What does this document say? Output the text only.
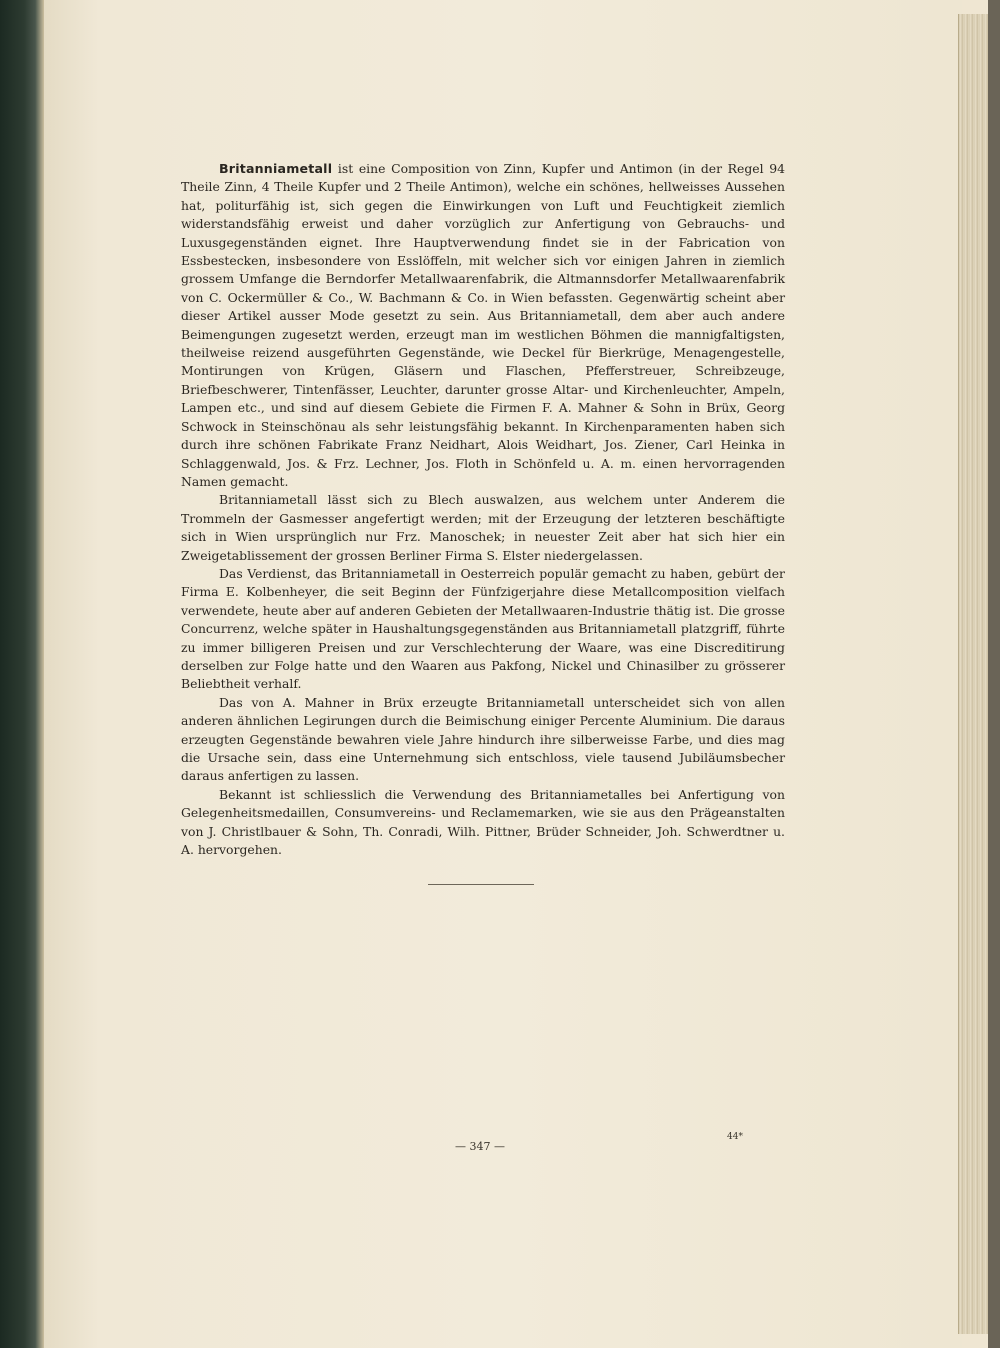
Britanniametall ist eine Composition von Zinn, Kupfer und Antimon (in der Regel 94 Theile Zinn, 4 Theile Kupfer und 2 Theile Antimon), welche ein schönes, hellweisses Aussehen hat, politurfähig ist, sich gegen die Einwirkungen von Luft und Feuchtigkeit ziemlich widerstandsfähig erweist und daher vorzüglich zur Anfertigung von Gebrauchs- und Luxusgegenständen eignet. Ihre Hauptverwendung findet sie in der Fabrication von Essbestecken, insbesondere von Esslöffeln, mit welcher sich vor einigen Jahren in ziemlich grossem Umfange die Berndorfer Metallwaarenfabrik, die Altmannsdorfer Metallwaarenfabrik von C. Ockermüller & Co., W. Bachmann & Co. in Wien befassten. Gegenwärtig scheint aber dieser Artikel ausser Mode gesetzt zu sein. Aus Britanniametall, dem aber auch andere Beimengungen zugesetzt werden, erzeugt man im westlichen Böhmen die mannigfaltigsten, theilweise reizend ausgeführten Gegenstände, wie Deckel für Bierkrüge, Menagengestelle, Montirungen von Krügen, Gläsern und Flaschen, Pfefferstreuer, Schreibzeuge, Briefbeschwerer, Tintenfässer, Leuchter, darunter grosse Altar- und Kirchenleuchter, Ampeln, Lampen etc., und sind auf diesem Gebiete die Firmen F. A. Mahner & Sohn in Brüx, Georg Schwock in Steinschönau als sehr leistungsfähig bekannt. In Kirchenparamenten haben sich durch ihre schönen Fabrikate Franz Neidhart, Alois Weidhart, Jos. Ziener, Carl Heinka in Schlaggenwald, Jos. & Frz. Lechner, Jos. Floth in Schönfeld u. A. m. einen hervorragenden Namen gemacht.

Britanniametall lässt sich zu Blech auswalzen, aus welchem unter Anderem die Trommeln der Gasmesser angefertigt werden; mit der Erzeugung der letzteren beschäftigte sich in Wien ursprünglich nur Frz. Manoschek; in neuester Zeit aber hat sich hier ein Zweigetablissement der grossen Berliner Firma S. Elster niedergelassen.

Das Verdienst, das Britanniametall in Oesterreich populär gemacht zu haben, gebürt der Firma E. Kolbenheyer, die seit Beginn der Fünfzigerjahre diese Metallcomposition vielfach verwendete, heute aber auf anderen Gebieten der Metallwaaren-Industrie thätig ist. Die grosse Concurrenz, welche später in Haushaltungsgegenständen aus Britanniametall platzgriff, führte zu immer billigeren Preisen und zur Verschlechterung der Waare, was eine Discreditirung derselben zur Folge hatte und den Waaren aus Pakfong, Nickel und Chinasilber zu grösserer Beliebtheit verhalf.

Das von A. Mahner in Brüx erzeugte Britanniametall unterscheidet sich von allen anderen ähnlichen Legirungen durch die Beimischung einiger Percente Aluminium. Die daraus erzeugten Gegenstände bewahren viele Jahre hindurch ihre silberweisse Farbe, und dies mag die Ursache sein, dass eine Unternehmung sich entschloss, viele tausend Jubiläumsbecher daraus anfertigen zu lassen.

Bekannt ist schliesslich die Verwendung des Britanniametalles bei Anfertigung von Gelegenheitsmedaillen, Consumvereins- und Reclamemarken, wie sie aus den Prägeanstalten von J. Christlbauer & Sohn, Th. Conradi, Wilh. Pittner, Brüder Schneider, Joh. Schwerdtner u. A. hervorgehen.

— 347 —
44*
